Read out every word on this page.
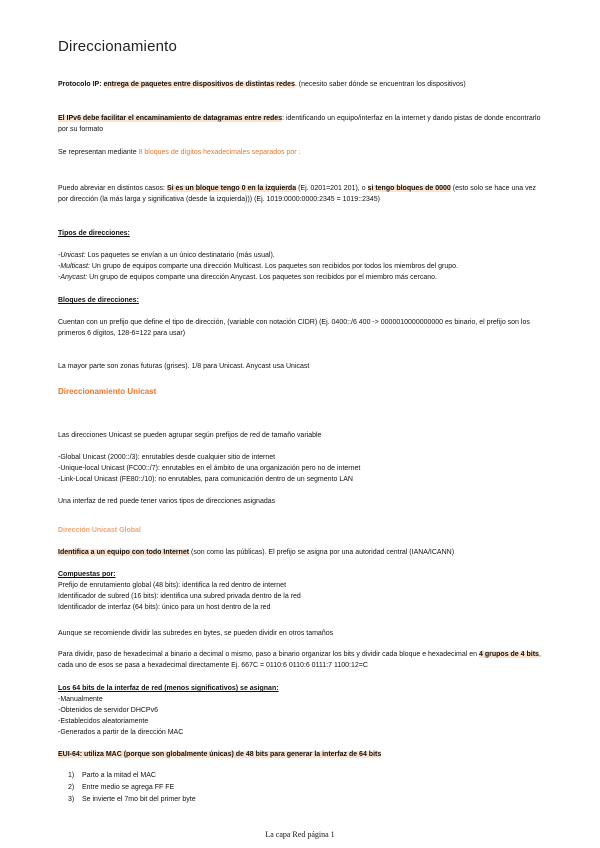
Direccionamiento

Protocolo IP: entrega de paquetes entre dispositivos de distintas redes. (necesito saber dónde se encuentran los dispositivos)

El IPv6 debe facilitar el encaminamiento de datagramas entre redes: identificando un equipo/interfaz en la internet y dando pistas de donde encontrarlo por su formato

Se representan mediante 8 bloques de dígitos hexadecimales separados por :

Puedo abreviar en distintos casos: Si es un bloque tengo 0 en la izquierda (Ej. 0201=201 201), o si tengo bloques de 0000 (esto solo se hace una vez por dirección (la más larga y significativa (desde la izquierda))) (Ej. 1019:0000:0000:2345 = 1019::2345)

Tipos de direcciones:

-Unicast: Los paquetes se envían a un único destinatario (más usual).

-Multicast: Un grupo de equipos comparte una dirección Multicast. Los paquetes son recibidos por todos los miembros del grupo.

-Anycast: Un grupo de equipos comparte una dirección Anycast. Los paquetes son recibidos por el miembro más cercano.

Bloques de direcciones:

Cuentan con un prefijo que define el tipo de dirección, (variable con notación CIDR) (Ej. 0400::/6 400 -> 0000010000000000 es binario, el prefijo son los primeros 6 dígitos, 128-6=122 para usar)

La mayor parte son zonas futuras (grises). 1/8 para Unicast. Anycast usa Unicast

Direccionamiento Unicast

Las direcciones Unicast se pueden agrupar según prefijos de red de tamaño variable

-Global Unicast (2000::/3): enrutables desde cualquier sitio de internet

-Unique-local Unicast (FC00::/7): enrutables en el ámbito de una organización pero no de internet

-Link-Local Unicast (FE80::/10): no enrutables, para comunicación dentro de un segmento LAN

Una interfaz de red puede tener varios tipos de direcciones asignadas

Dirección Unicast Global

Identifica a un equipo con todo Internet (son como las públicas). El prefijo se asigna por una autoridad central (IANA/ICANN)

Compuestas por:

Prefijo de enrutamiento global (48 bits): identifica la red dentro de internet

Identificador de subred (16 bits): identifica una subred privada dentro de la red

Identificador de interfaz (64 bits): único para un host dentro de la red

Aunque se recomiende dividir las subredes en bytes, se pueden dividir en otros tamaños

Para dividir, paso de hexadecimal a binario a decimal o mismo, paso a binario organizar los bits y dividir cada bloque e hexadecimal en 4 grupos de 4 bits, cada uno de esos se pasa a hexadecimal directamente Ej. 667C = 0110:6 0110:6 0111:7 1100:12=C

Los 64 bits de la interfaz de red (menos significativos) se asignan:

-Manualmente

-Obtenidos de servidor DHCPv6

-Establecidos aleatoriamente

-Generados a partir de la dirección MAC

EUI-64: utiliza MAC (porque son globalmente únicas) de 48 bits para generar la interfaz de 64 bits

1) Parto a la mitad el MAC
2) Entre medio se agrega FF FE
3) Se invierte el 7mo bit del primer byte
La capa Red página 1
